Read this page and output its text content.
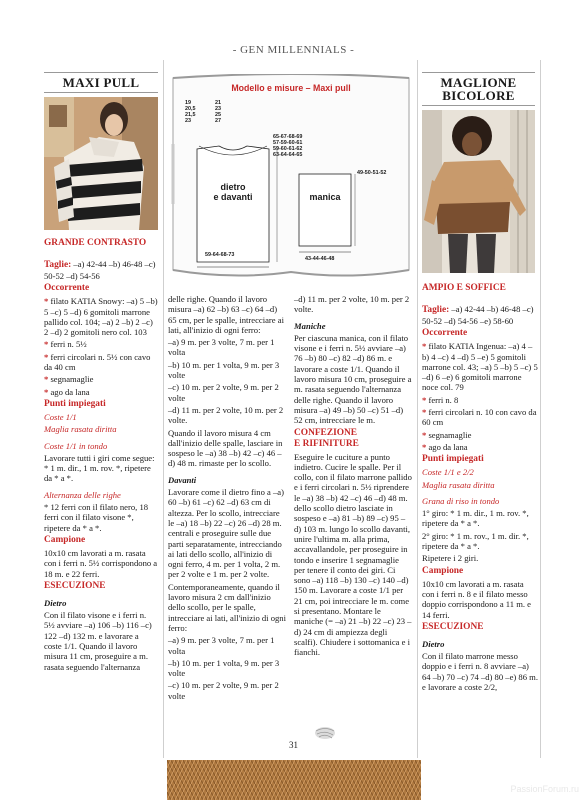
- GEN MILLENNIALS -
MAXI PULL

GRANDE CONTRASTO

Taglie: –a) 42-44 –b) 46-48 –c) 50-52 –d) 54-56

Occorrente

* filato KATIA Snowy: –a) 5 –b) 5 –c) 5 –d) 6 gomitoli marrone pallido col. 104; –a) 2 –b) 2 –c) 2 –d) 2 gomitoli nero col. 103

* ferri n. 5½

* ferri circolari n. 5½ con cavo da 40 cm

* segnamaglie

* ago da lana

Punti impiegati

Coste 1/1

Maglia rasata diritta

Coste 1/1 in tondo

Lavorare tutti i giri come segue: * 1 m. dir., 1 m. rov. *, ripetere da * a *.

Alternanza delle righe

* 12 ferri con il filato nero, 18 ferri con il filato visone *, ripetere da * a *.

Campione

10x10 cm lavorati a m. rasata con i ferri n. 5½ corrispondono a 18 m. e 22 ferri.

ESECUZIONE

Dietro

Con il filato visone e i ferri n. 5½ avviare –a) 106 –b) 116 –c) 122 –d) 132 m. e lavorare a coste 1/1. Quando il lavoro misura 11 cm, proseguire a m. rasata seguendo l'alternanza

Modello e misure – Maxi pull
19
20,5
21,5
23
21
23
25
27
65-67-68-69
57-59-60-61
59-60-61-62
63-64-64-65
dietro
e davanti
59-64-68-73
manica
49-50-51-52
43-44-46-48

delle righe. Quando il lavoro misura –a) 62 –b) 63 –c) 64 –d) 65 cm, per le spalle, intrecciare ai lati, all'inizio di ogni ferro:

–a) 9 m. per 3 volte, 7 m. per 1 volta

–b) 10 m. per 1 volta, 9 m. per 3 volte

–c) 10 m. per 2 volte, 9 m. per 2 volte

–d) 11 m. per 2 volte, 10 m. per 2 volte.

Quando il lavoro misura 4 cm dall'inizio delle spalle, lasciare in sospeso le –a) 38 –b) 42 –c) 46 –d) 48 m. rimaste per lo scollo.

Davanti

Lavorare come il dietro fino a –a) 60 –b) 61 –c) 62 –d) 63 cm di altezza. Per lo scollo, intrecciare le –a) 18 –b) 22 –c) 26 –d) 28 m. centrali e proseguire sulle due parti separatamente, intrecciando ai lati dello scollo, all'inizio di ogni ferro, 4 m. per 1 volta, 2 m. per 2 volte e 1 m. per 2 volte.

Contemporaneamente, quando il lavoro misura 2 cm dall'inizio dello scollo, per le spalle, intrecciare ai lati, all'inizio di ogni ferro:

–a) 9 m. per 3 volte, 7 m. per 1 volta

–b) 10 m. per 1 volta, 9 m. per 3 volte

–c) 10 m. per 2 volte, 9 m. per 2 volte

–d) 11 m. per 2 volte, 10 m. per 2 volte.

Maniche

Per ciascuna manica, con il filato visone e i ferri n. 5½ avviare –a) 76 –b) 80 –c) 82 –d) 86 m. e lavorare a coste 1/1. Quando il lavoro misura 10 cm, proseguire a m. rasata seguendo l'alternanza delle righe. Quando il lavoro misura –a) 49 –b) 50 –c) 51 –d) 52 cm, intrecciare le m.

CONFEZIONE

E RIFINITURE

Eseguire le cuciture a punto indietro. Cucire le spalle. Per il collo, con il filato marrone pallido e i ferri circolari n. 5½ riprendere le –a) 38 –b) 42 –c) 46 –d) 48 m. dello scollo dietro lasciate in sospeso e –a) 81 –b) 89 –c) 95 –d) 103 m. lungo lo scollo davanti, unire l'ultima m. alla prima, accavallandole, per proseguire in tondo e inserire 1 segnamaglie per tenere il conto dei giri. Ci sono –a) 118 –b) 130 –c) 140 –d) 150 m. Lavorare a coste 1/1 per 21 cm, poi intrecciare le m. come si presentano. Montare le maniche (= –a) 21 –b) 22 –c) 23 –d) 24 cm di ampiezza degli scalfi). Chiudere i sottomanica e i fianchi.

MAGLIONE
BICOLORE

AMPIO E SOFFICE

Taglie: –a) 42-44 –b) 46-48 –c) 50-52 –d) 54-56 –e) 58-60

Occorrente

* filato KATIA Ingenua: –a) 4 –b) 4 –c) 4 –d) 5 –e) 5 gomitoli marrone col. 43; –a) 5 –b) 5 –c) 5 –d) 6 –e) 6 gomitoli marrone noce col. 79

* ferri n. 8

* ferri circolari n. 10 con cavo da 60 cm

* segnamaglie

* ago da lana

Punti impiegati

Coste 1/1 e 2/2

Maglia rasata diritta

Grana di riso in tondo

1° giro: * 1 m. dir., 1 m. rov. *, ripetere da * a *.

2° giro: * 1 m. rov., 1 m. dir. *, ripetere da * a *.

Ripetere i 2 giri.

Campione

10x10 cm lavorati a m. rasata con i ferri n. 8 e il filato messo doppio corrispondono a 11 m. e 14 ferri.

ESECUZIONE

Dietro

Con il filato marrone messo doppio e i ferri n. 8 avviare –a) 64 –b) 70 –c) 74 –d) 80 –e) 86 m. e lavorare a coste 2/2,

31
PassionForum.ru
